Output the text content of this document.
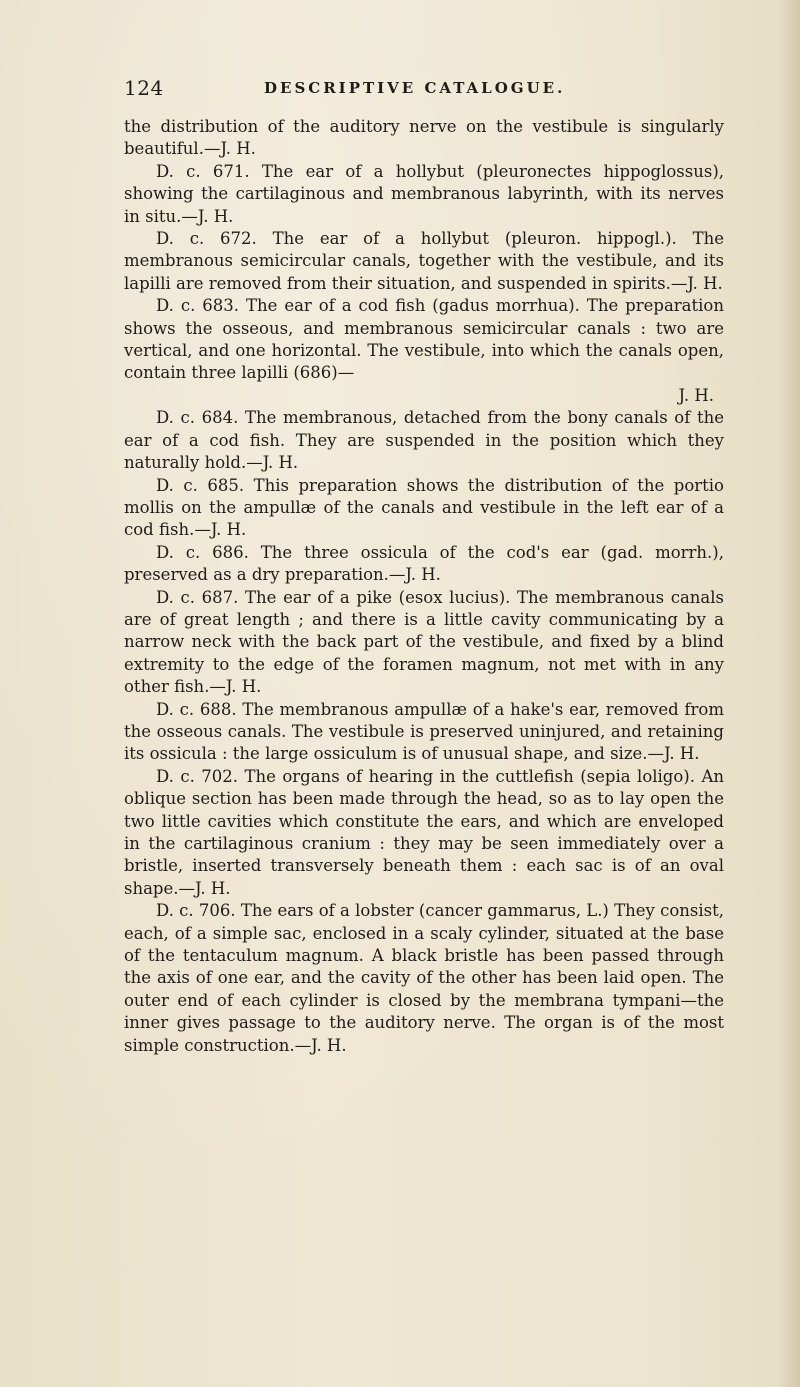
124	DESCRIPTIVE CATALOGUE.

the distribution of the auditory nerve on the vestibule is singularly beautiful.—J. H.

D. c. 671. The ear of a hollybut (pleuronectes hippoglossus), showing the cartilaginous and membranous labyrinth, with its nerves in situ.—J. H.

D. c. 672. The ear of a hollybut (pleuron. hippogl.). The membranous semicircular canals, together with the vestibule, and its lapilli are removed from their situation, and suspended in spirits.—J. H.

D. c. 683. The ear of a cod fish (gadus morrhua). The preparation shows the osseous, and membranous semicircular canals : two are vertical, and one horizontal. The vestibule, into which the canals open, contain three lapilli (686)—

J. H.

D. c. 684. The membranous, detached from the bony canals of the ear of a cod fish. They are suspended in the position which they naturally hold.—J. H.

D. c. 685. This preparation shows the distribution of the portio mollis on the ampullæ of the canals and vestibule in the left ear of a cod fish.—J. H.

D. c. 686. The three ossicula of the cod's ear (gad. morrh.), preserved as a dry preparation.—J. H.

D. c. 687. The ear of a pike (esox lucius). The membranous canals are of great length ; and there is a little cavity communicating by a narrow neck with the back part of the vestibule, and fixed by a blind extremity to the edge of the foramen magnum, not met with in any other fish.—J. H.

D. c. 688. The membranous ampullæ of a hake's ear, removed from the osseous canals. The vestibule is preserved uninjured, and retaining its ossicula : the large ossiculum is of unusual shape, and size.—J. H.

D. c. 702. The organs of hearing in the cuttlefish (sepia loligo). An oblique section has been made through the head, so as to lay open the two little cavities which constitute the ears, and which are enveloped in the cartilaginous cranium : they may be seen immediately over a bristle, inserted transversely beneath them : each sac is of an oval shape.—J. H.

D. c. 706. The ears of a lobster (cancer gammarus, L.) They consist, each, of a simple sac, enclosed in a scaly cylinder, situated at the base of the tentaculum magnum. A black bristle has been passed through the axis of one ear, and the cavity of the other has been laid open. The outer end of each cylinder is closed by the membrana tympani—the inner gives passage to the auditory nerve. The organ is of the most simple construction.—J. H.
